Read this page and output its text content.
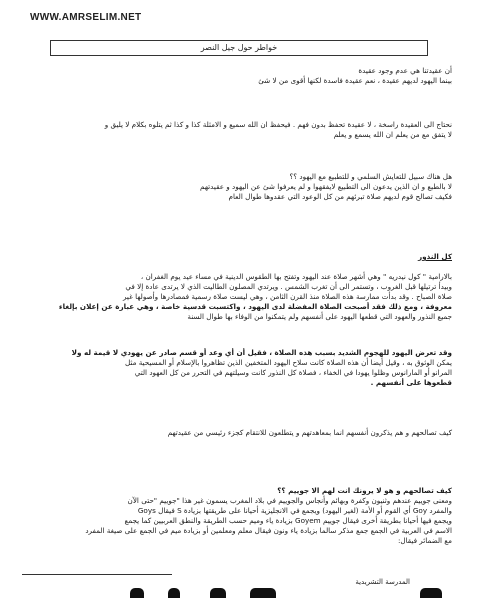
WWW.AMRSELIM.NET
خواطر حول جيل النصر

أن عقيدتنا هي عدم وجود عقيدة

بينما اليهود لديهم عقيدة ، نعم عقيدة فاسدة لكنها أقوى من لا شئ

نحتاج الى العقيدة راسخة ، لا عقيدة تحفظ بدون فهم . فيحفظ ان الله سميع و الامثلة كذا و كذا ثم يتلوه بكلام لا يليق و

لا يتفق مع من يعلم ان الله يسمع و يعلم

هل هناك سبيل للتعايش السلمي و للتطبيع مع اليهود ؟؟

لا بالطبع و ان الذين يدعون الى التطبيع لايفقهوا و لم يعرفوا شئ عن اليهود و عقيدتهم

فكيف تصالح قوم لديهم صلاة تبرئهم من كل الوعود التي عقدوها طوال العام

كل النذور

بالارامية " كول نيدريه " وهي أشهر صلاة عند اليهود وتفتح بها الطقوس الدينية في مساء عيد يوم الغفران ،

وبيدأ ترتيلها قبل الغروب ، وتستمر الى أن تغرب الشمس . ويرتدي المصلون الطاليت الذي لا يرتدى عادة إلا في

صلاة الصباح . وقد بدأت ممارسة هذه الصلاة منذ القرن الثامن ، وهي ليست صلاة رسمية فمصادرها وأصولها غير

معروفة ، ومع ذلك فقد أصبحت الصلاة المفضلة لدى اليهود ، واكتسبت قدسية خاصة ، وهي عبارة عن إعلان بإلغاء

جميع النذور والعهود التي قطعها اليهود على أنفسهم ولم يتمكنوا من الوفاء بها طوال السنة

وقد تعرض اليهود للهجوم الشديد بسبب هذه الصلاة ، فقيل أن أي وعد أو قسم صادر عن يهودي لا قيمة له ولا

يمكن الوثوق به ، وقيل أيضا أن هذه الصلاة كانت سلاح اليهود المتخفين الذين تظاهروا بالإسلام أو المسيحية مثل

المرانو أو المارانوس وظلوا يهودا في الخفاء ، فصلاة كل النذور كانت وسيلتهم في التحرر من كل العهود التي

قطعوها على أنفسهم .

كيف تصالحهم و هم يذكرون أنفسهم انما بمعاهدتهم و يتطلعون للانتقام كجزء رئيسي من عقيدتهم

كيف تصالحهم و هو لا يرونك انت لهم الا جوييم ؟؟

ومعنى جوييم عندهم وثنيون وكفرة وبهائم وأنجاس والجوييم في بلاد المغرب يسمون غير هذا "جوييم "حتى الآن

والمفرد Goy أي القوم أو الأمة (لغير اليهود) ويجمع في الانجليزية أحيانا على طريقتها بزيادة S فيقال Goys

ويجمع فيها أحيانا بطريقة أخرى فيقال جوييم Goyem بزيادة ياء وميم حسب الطريقة والنطق العربيين كما يجمع

الاسم في العربية في الجمع جمع مذكر سالما بزيادة ياء ونون فيقال معلم ومعلمين أو بزيادة ميم في الجمع على صيغة المفرد

مع الضمائر فيقال:

المدرسة التشريدية
